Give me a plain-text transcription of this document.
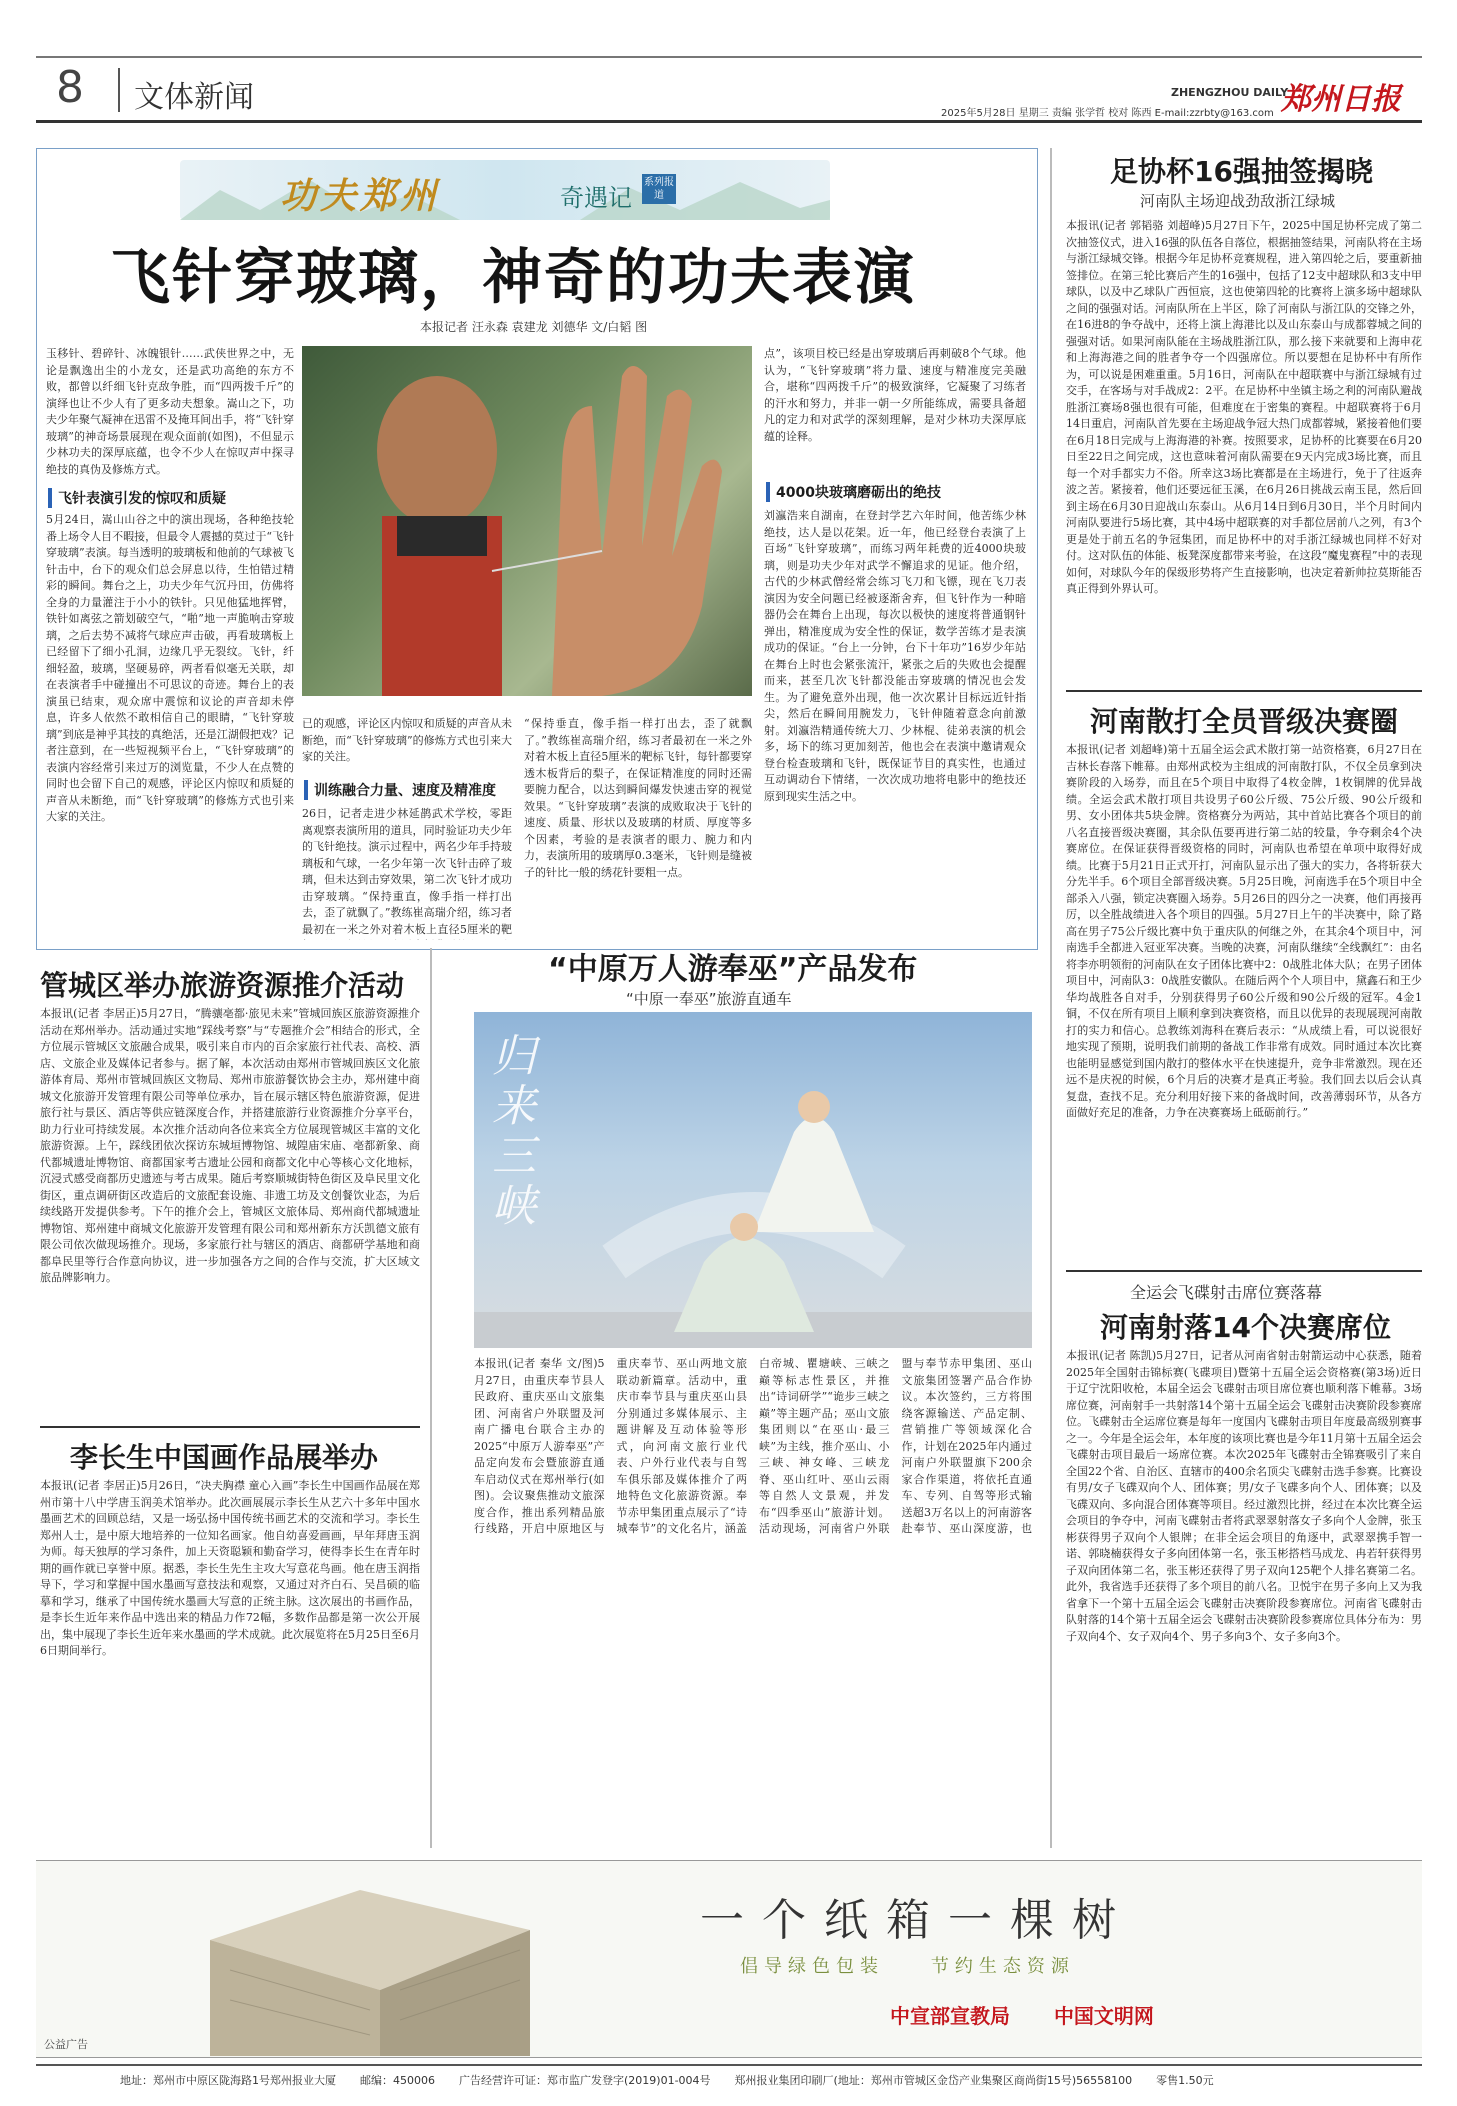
8 文体新闻	ZHENGZHOU DAILY
郑州日报
2025年5月28日 星期三 责编 张学哲 校对 陈西 E-mail:zzrbty@163.com
功夫郑州	奇遇记
系列报道
飞针穿玻璃，神奇的功夫表演
本报记者 汪永森 袁建龙 刘德华 文/白韬 图
玉移针、碧碎针、冰魄银针……武侠世界之中，无论是飘逸出尘的小龙女，还是武功高绝的东方不败，都曾以纤细飞针克敌争胜，而“四两拨千斤”的演绎也让不少人有了更多动夫想象。嵩山之下，功夫少年聚气凝神在迅雷不及掩耳间出手，将“飞针穿玻璃”的神奇场景展现在观众面前(如图)，不但显示少林功夫的深厚底蕴，也令不少人在惊叹声中探寻绝技的真伪及修炼方式。
飞针表演引发的惊叹和质疑
5月24日，嵩山山谷之中的演出现场，各种绝技轮番上场令人目不暇接，但最令人震撼的莫过于“飞针穿玻璃”表演。每当透明的玻璃板和他前的气球被飞针击中，台下的观众们总会屏息以待，生怕错过精彩的瞬间。舞台之上，功夫少年气沉丹田，仿佛将全身的力量灌注于小小的铁针。只见他猛地挥臂，铁针如离弦之箭划破空气，“啪”地一声脆响击穿玻璃，之后去势不减将气球应声击破，再看玻璃板上已经留下了细小孔洞，边缘几乎无裂纹。飞针，纤细轻盈，玻璃，坚硬易碎，两者看似毫无关联，却在表演者手中碰撞出不可思议的奇迹。舞台上的表演虽已结束，观众席中震惊和议论的声音却未停息，许多人依然不敢相信自己的眼睛，“飞针穿玻璃”到底是神乎其技的真绝活，还是江湖假把戏？记者注意到，在一些短视频平台上，“飞针穿玻璃”的表演内容经常引来过万的浏览量，不少人在点赞的同时也会留下自己的观感，评论区内惊叹和质疑的声音从未断绝，而“飞针穿玻璃”的修炼方式也引来大家的关注。
已的观感，评论区内惊叹和质疑的声音从未断绝，而“飞针穿玻璃”的修炼方式也引来大家的关注。
训练融合力量、速度及精准度
26日，记者走进少林延鹊武术学校，零距离观察表演所用的道具，同时验证功夫少年的飞针绝技。演示过程中，两名少年手持玻璃板和气球，一名少年第一次飞针击碎了玻璃，但未达到击穿效果，第二次飞针才成功击穿玻璃。“保持重直，像手指一样打出去，歪了就飘了。”教练崔高瑞介绍，练习者最初在一米之外对着木板上直径5厘米的靶
“保持垂直，像手指一样打出去，歪了就飘了。”教练崔高瑞介绍，练习者最初在一米之外对着木板上直径5厘米的靶标飞针，每针都要穿透木板背后的梨子，在保证精准度的同时还需要腕力配合，以达到瞬间爆发快速击穿的视觉效果。“飞针穿玻璃”表演的成败取决于飞针的速度、质量、形状以及玻璃的材质、厚度等多个因素，考验的是表演者的眼力、腕力和内力，表演所用的玻璃厚0.3毫米，飞针则是缝被子的针比一般的绣花针要粗一点。
点”，该项目校已经是出穿玻璃后再刺破8个气球。他认为，“飞针穿玻璃”将力量、速度与精准度完美融合，堪称“四两拨千斤”的极致演绎，它凝聚了习练者的汗水和努力，并非一朝一夕所能练成，需要具备超凡的定力和对武学的深刻理解，是对少林功夫深厚底蕴的诠释。
4000块玻璃磨砺出的绝技
刘瀛浩来自湖南，在登封学艺六年时间，他苦练少林绝技，达人是以花架。近一年，他已经登台表演了上百场“飞针穿玻璃”，而练习两年耗费的近4000块玻璃，则是功夫少年对武学不懈追求的见证。他介绍，古代的少林武僧经常会练习飞刀和飞镖，现在飞刀表演因为安全问题已经被逐渐舍弃，但飞针作为一种暗器仍会在舞台上出现，每次以极快的速度将普通钢针弹出，精准度成为安全性的保证，数学苦练才是表演成功的保证。“台上一分钟，台下十年功”16岁少年站在舞台上时也会紧张流汗，紧张之后的失败也会提醒而来，甚至几次飞针都没能击穿玻璃的情况也会发生。为了避免意外出现，他一次次累计目标远近针指尖，然后在瞬间用腕发力，飞针伸随着意念向前激射。刘瀛浩精通传统大刀、少林棍、徒弟表演的机会多，场下的练习更加刻苦，他也会在表演中邀请观众登台检查玻璃和飞针，既保证节目的真实性，也通过互动调动台下情绪，一次次成功地将电影中的绝技还原到现实生活之中。
足协杯16强抽签揭晓
河南队主场迎战劲敌浙江绿城
本报讯(记者 郭韬骆 刘超峰)5月27日下午，2025中国足协杯完成了第二次抽签仪式，进入16强的队伍各自落位，根据抽签结果，河南队将在主场与浙江绿城交锋。根据今年足协杯竞赛规程，进入第四轮之后，要重新抽签排位。在第三轮比赛后产生的16强中，包括了12支中超球队和3支中甲球队，以及中乙球队广西恒宸，这也使第四轮的比赛将上演多场中超球队之间的强强对话。河南队所在上半区，除了河南队与浙江队的交锋之外，在16进8的争夺战中，还将上演上海港比以及山东泰山与成都蓉城之间的强强对话。如果河南队能在主场战胜浙江队，那么接下来就要和上海申花和上海海港之间的胜者争夺一个四强席位。所以要想在足协杯中有所作为，可以说是困难重重。5月16日，河南队在中超联赛中与浙江绿城有过交手，在客场与对手战成2：2平。在足协杯中坐镇主场之利的河南队避战胜浙江赛场8强也很有可能，但难度在于密集的赛程。中超联赛将于6月14日重启，河南队首先要在主场迎战争冠大热门成都蓉城，紧接着他们要在6月18日完成与上海海港的补赛。按照要求，足协杯的比赛要在6月20日至22日之间完成，这也意味着河南队需要在9天内完成3场比赛，而且每一个对手都实力不俗。所幸这3场比赛都是在主场进行，免于了往返奔波之苦。紧接着，他们还要远征玉溪，在6月26日挑战云南玉昆，然后回到主场在6月30日迎战山东泰山。从6月14日到6月30日，半个月时间内河南队要进行5场比赛，其中4场中超联赛的对手都位居前八之列，有3个更是处于前五名的争冠集团，而足协杯中的对手浙江绿城也同样不好对付。这对队伍的体能、板凳深度都带来考验，在这段“魔鬼赛程”中的表现如何，对球队今年的保级形势将产生直接影响，也决定着新帅拉莫斯能否真正得到外界认可。
河南散打全员晋级决赛圈
本报讯(记者 刘超峰)第十五届全运会武术散打第一站资格赛，6月27日在吉林长春落下帷幕。由郑州武校为主组成的河南散打队，不仅全员拿到决赛阶段的入场券，而且在5个项目中取得了4枚金牌，1枚铜牌的优异战绩。全运会武术散打项目共设男子60公斤级、75公斤级、90公斤级和男、女小团体共5块金牌。资格赛分为两站，其中首站比赛各个项目的前八名直接晋级决赛圈，其余队伍要再进行第二站的较量，争夺剩余4个决赛席位。在保证获得晋级资格的同时，河南队也希望在单项中取得好成绩。比赛于5月21日正式开打，河南队显示出了强大的实力，各将斩获大分先半手。6个项目全部晋级决赛。5月25日晚，河南选手在5个项目中全部杀入八强，锁定决赛圈入场券。5月26日的四分之一决赛，他们再接再厉，以全胜战绩进入各个项目的四强。5月27日上午的半决赛中，除了路高在男子75公斤级比赛中负于重庆队的何继之外，在其余4个项目中，河南选手全都进入冠亚军决赛。当晚的决赛，河南队继续“全线飘红”：由名将李亦明领衔的河南队在女子团体比赛中2：0战胜北体大队；在男子团体项目中，河南队3：0战胜安徽队。在随后两个个人项目中，黛鑫石和王少华均战胜各自对手，分别获得男子60公斤级和90公斤级的冠军。4金1铜，不仅在所有项目上顺利拿到决赛资格，而且以优异的表现展现河南散打的实力和信心。总教练刘海科在赛后表示：“从成绩上看，可以说很好地实现了预期，说明我们前期的备战工作非常有成效。同时通过本次比赛也能明显感觉到国内散打的整体水平在快速提升，竞争非常激烈。现在还远不是庆祝的时候，6个月后的决赛才是真正考验。我们回去以后会认真复盘，查找不足。充分利用好接下来的备战时间，改善薄弱环节，从各方面做好充足的准备，力争在决赛赛场上砥砺前行。”
全运会飞碟射击席位赛落幕
河南射落14个决赛席位
本报讯(记者 陈凯)5月27日，记者从河南省射击射箭运动中心获悉，随着2025年全国射击锦标赛(飞碟项目)暨第十五届全运会资格赛(第3场)近日于辽宁沈阳收枪，本届全运会飞碟射击项目席位赛也顺利落下帷幕。3场席位赛，河南射手一共射落14个第十五届全运会飞碟射击决赛阶段参赛席位。飞碟射击全运席位赛是每年一度国内飞碟射击项目年度最高级别赛事之一。今年是全运会年，本年度的该项比赛也是今年11月第十五届全运会飞碟射击项目最后一场席位赛。本次2025年飞碟射击全锦赛吸引了来自全国22个省、自治区、直辖市的400余名顶尖飞碟射击选手参赛。比赛设有男/女子飞碟双向个人、团体赛；男/女子飞碟多向个人、团体赛；以及飞碟双向、多向混合团体赛等项目。经过激烈比拼，经过在本次比赛全运会项目的争夺中，河南飞碟射击者将武翠翠射落女子多向个人金牌，张玉彬获得男子双向个人银牌；在非全运会项目的角逐中，武翠翠携手智一诺、郭晓楠获得女子多向团体第一名，张玉彬搭档马成龙、冉若轩获得男子双向团体第二名，张玉彬还获得了男子双向125靶个人排名赛第二名。此外，我省选手还获得了多个项目的前八名。卫悦宇在男子多向上又为我省拿下一个第十五届全运会飞碟射击决赛阶段参赛席位。河南省飞碟射击队射落的14个第十五届全运会飞碟射击决赛阶段参赛席位具体分布为：男子双向4个、女子双向4个、男子多向3个、女子多向3个。
管城区举办旅游资源推介活动
本报讯(记者 李居正)5月27日，“腾骧亳都·旅见未来”管城回族区旅游资源推介活动在郑州举办。活动通过实地“踩线考察”与“专题推介会”相结合的形式，全方位展示管城区文旅融合成果，吸引来自市内的百余家旅行社代表、高校、酒店、文旅企业及媒体记者参与。据了解，本次活动由郑州市管城回族区文化旅游体育局、郑州市管城回族区文物局、郑州市旅游餐饮协会主办，郑州建中商城文化旅游开发管理有限公司等单位承办，旨在展示辖区特色旅游资源，促进旅行社与景区、酒店等供应链深度合作，并搭建旅游行业资源推介分享平台，助力行业可持续发展。本次推介活动向各位来宾全方位展现管城区丰富的文化旅游资源。上午，踩线团依次探访东城垣博物馆、城隍庙宋庙、亳都新象、商代都城遗址博物馆、商都国家考古遗址公园和商都文化中心等核心文化地标，沉浸式感受商都历史遗迹与考古成果。随后考察顺城街特色街区及阜民里文化街区，重点调研街区改造后的文旅配套设施、非遗工坊及文创餐饮业态，为后续线路开发提供参考。下午的推介会上，管城区文旅体局、郑州商代都城遗址博物馆、郑州建中商城文化旅游开发管理有限公司和郑州新东方沃凯德文旅有限公司依次做现场推介。现场，多家旅行社与辖区的酒店、商都研学基地和商都阜民里等行合作意向协议，进一步加强各方之间的合作与交流，扩大区域文旅品牌影响力。
李长生中国画作品展举办
本报讯(记者 李居正)5月26日，“决夫胸襟 童心入画”李长生中国画作品展在郑州市第十八中学唐玉润美术馆举办。此次画展展示李长生从艺六十多年中国水墨画艺术的回顾总结，又是一场弘扬中国传统书画艺术的交流和学习。李长生郑州人士，是中原大地培养的一位知名画家。他自幼喜爱画画，早年拜唐玉润为师。每天独厚的学习条件，加上天资聪颖和勤奋学习，使得李长生在青年时期的画作就已享誉中原。据悉，李长生先生主攻大写意花鸟画。他在唐玉润指导下，学习和掌握中国水墨画写意技法和观察，又通过对齐白石、吴昌硕的临摹和学习，继承了中国传统水墨画大写意的正统主脉。这次展出的书画作品，是李长生近年来作品中选出来的精品力作72幅，多数作品都是第一次公开展出，集中展现了李长生近年来水墨画的学术成就。此次展览将在5月25日至6月6日期间举行。
“中原万人游奉巫”产品发布
“中原一奉巫”旅游直通车
归来三峡
本报讯(记者 秦华 文/图)5月27日，由重庆奉节县人民政府、重庆巫山文旅集团、河南省户外联盟及河南广播电台联合主办的2025“中原万人游奉巫”产品定向发布会暨旅游直通车启动仪式在郑州举行(如图)。会议聚焦推动文旅深度合作，推出系列精品旅行线路，开启中原地区与重庆奉节、巫山两地文旅联动新篇章。活动中，重庆市奉节县与重庆巫山县分别通过多媒体展示、主题讲解及互动体验等形式，向河南文旅行业代表、户外行业代表与自驾车俱乐部及媒体推介了两地特色文化旅游资源。奉节赤甲集团重点展示了“诗城奉节”的文化名片，涵盖白帝城、瞿塘峡、三峡之巅等标志性景区，并推出“诗词研学”“诡步三峡之巅”等主题产品；巫山文旅集团则以“在巫山·最三峡”为主线，推介巫山、小三峡、神女峰、三峡龙脊、巫山红叶、巫山云雨等自然人文景观，并发布“四季巫山”旅游计划。活动现场，河南省户外联盟与奉节赤甲集团、巫山文旅集团签署产品合作协议。本次签约，三方将围绕客源输送、产品定制、营销推广等领域深化合作，计划在2025年内通过河南户外联盟旗下200余家合作渠道，将依托直通车、专列、自驾等形式输送超3万名以上的河南游客赴奉节、巫山深度游，也
一 个 纸 箱 一 棵 树
倡导绿色包装    节约生态资源
中宣部宣教局 中国文明网
公益广告
地址：郑州市中原区陇海路1号郑州报业大厦 邮编：450006 广告经营许可证：郑市监广发登字(2019)01-004号 郑州报业集团印刷厂(地址：郑州市管城区金岱产业集聚区商尚街15号)56558100 零售1.50元
